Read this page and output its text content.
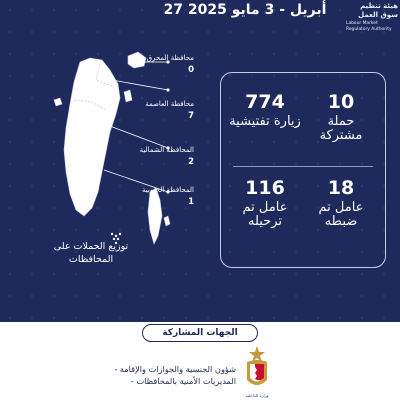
27 أبريل - 3 مايو 2025	هيئة تنظيم سوق العمل
Labour Market Regulatory Authority
محافظة المحرق
0
محافظة العاصمة
7
المحافظة الشمالية
2
المحافظة الجنوبية
1
توزيع الحملات على المحافظات
10
حملة مشتركة
774
زيارة تفتيشية
18
عامل تم ضبطه
116
عامل تم ترحيله
الجهات المشاركة
- شؤون الجنسية والجوازات والإقامة
- المديريات الأمنية بالمحافظات
وزارة الداخلية
